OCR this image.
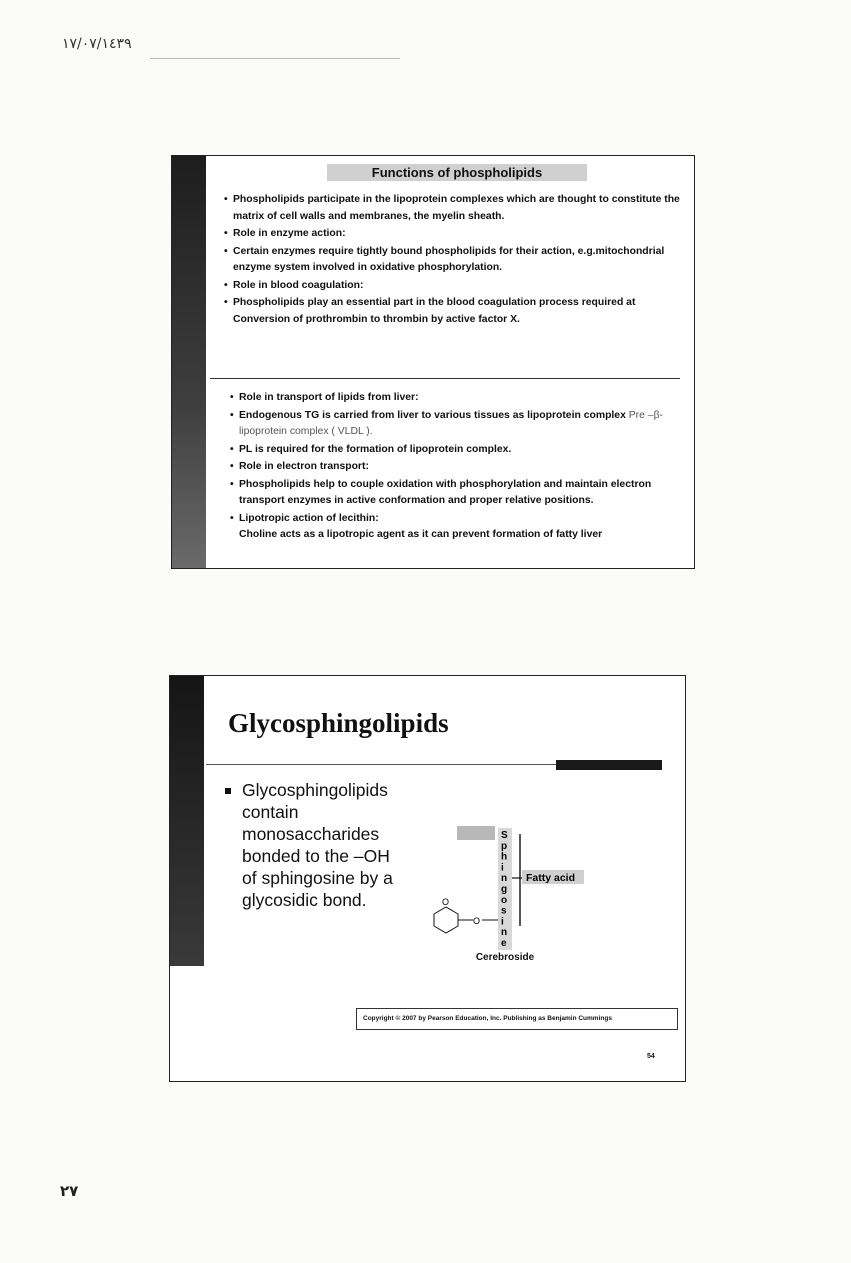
١٧/٠٧/١٤٣٩
Functions of phospholipids
• Phospholipids participate in the lipoprotein complexes which are thought to constitute the matrix of cell walls and membranes, the myelin sheath.
• Role in enzyme action:
• Certain enzymes require tightly bound phospholipids for their action, e.g.mitochondrial enzyme system involved in oxidative phosphorylation.
• Role in blood coagulation:
• Phospholipids play an essential part in the blood coagulation process required at Conversion of prothrombin to thrombin by active factor X.
• Role in transport of lipids from liver:
• Endogenous TG is carried from liver to various tissues as lipoprotein complex Pre –β- lipoprotein complex ( VLDL ).
• PL is required for the formation of lipoprotein complex.
• Role in electron transport:
• Phospholipids help to couple oxidation with phosphorylation and maintain electron transport enzymes in active conformation and proper relative positions.
• Lipotropic action of lecithin:
Choline acts as a lipotropic agent as it can prevent formation of fatty liver
Glycosphingolipids
Glycosphingolipids contain monosaccharides bonded to the –OH of sphingosine by a glycosidic bond.
Fatty acid
S
p
h
i
n
g
o
s
i
n
e
O
O
Cerebroside
Copyright © 2007 by Pearson Education, Inc. Publishing as Benjamin Cummings
54
٢٧
